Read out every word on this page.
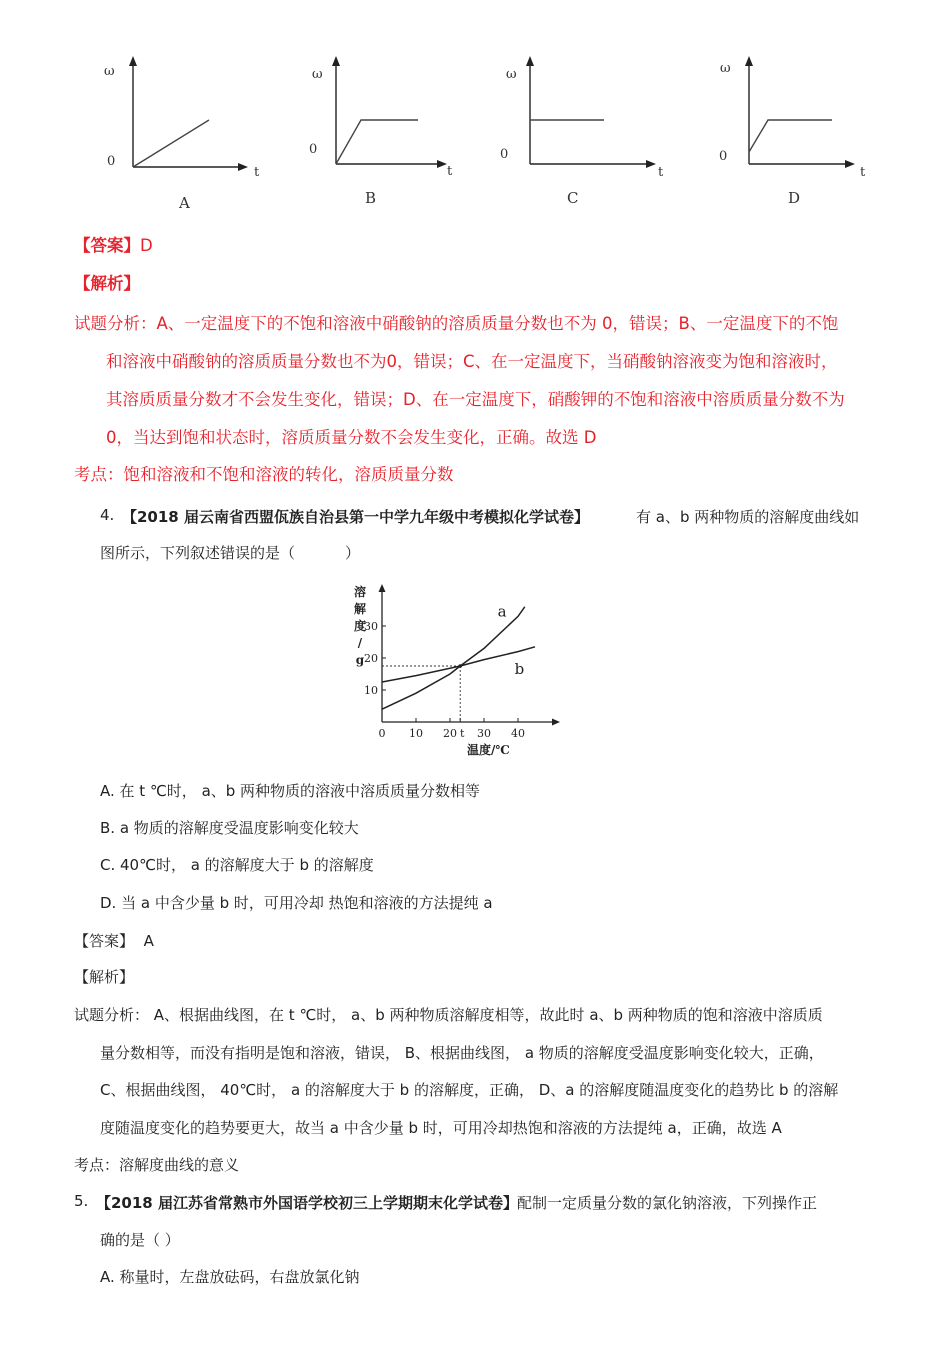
ω
0
t
A
ω
0
t
B
ω
0
t
C
ω
0
t
D
【答案】D
【解析】
试题分析：A、一定温度下的不饱和溶液中硝酸钠的溶质质量分数也不为 0，错误；B、一定温度下的不饱
和溶液中硝酸钠的溶质质量分数也不为0，错误；C、在一定温度下，当硝酸钠溶液变为饱和溶液时，
其溶质质量分数才不会发生变化，错误；D、在一定温度下，硝酸钾的不饱和溶液中溶质质量分数不为
0，当达到饱和状态时，溶质质量分数不会发生变化，正确。故选 D
考点：饱和溶液和不饱和溶液的转化，溶质质量分数
4. 【2018 届云南省西盟佤族自治县第一中学九年级中考模拟化学试卷】	有 a、b 两种物质的溶解度曲线如
图所示，下列叙述错误的是（	）
溶
解
度
/
g
a
b
10
20
30
0 10 20 t 30 40
温度/℃
A. 在 t ℃时， a、b 两种物质的溶液中溶质质量分数相等
B. a 物质的溶解度受温度影响变化较大
C. 40℃时， a 的溶解度大于 b 的溶解度
D. 当 a 中含少量 b 时，可用冷却 热饱和溶液的方法提纯 a
【答案】 A
【解析】
试题分析： A、根据曲线图，在 t ℃时， a、b 两种物质溶解度相等，故此时 a、b 两种物质的饱和溶液中溶质质
量分数相等，而没有指明是饱和溶液，错误， B、根据曲线图， a 物质的溶解度受温度影响变化较大，正确，
C、根据曲线图， 40℃时， a 的溶解度大于 b 的溶解度，正确， D、a 的溶解度随温度变化的趋势比 b 的溶解
度随温度变化的趋势要更大，故当 a 中含少量 b 时，可用冷却热饱和溶液的方法提纯 a，正确，故选 A
考点：溶解度曲线的意义
5. 【2018 届江苏省常熟市外国语学校初三上学期期末化学试卷】 配制一定质量分数的氯化钠溶液，下列操作正
确的是（ ）
A. 称量时，左盘放砝码，右盘放氯化钠
